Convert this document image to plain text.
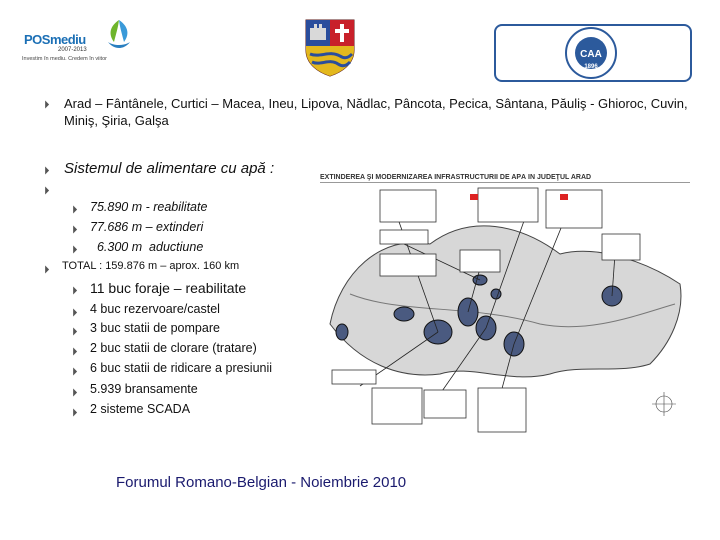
POSmediu
2007-2013
Investim în mediu. Credem în viitor	CAA
1896
⏵ Arad – Fântânele, Curtici – Macea, Ineu, Lipova, Nădlac, Pâncota, Pecica, Sântana, Păuliş - Ghioroc, Cuvin, Miniş, Şiria, Galşa
⏵ Sistemul de alimentare cu apă :
⏵
⏵ 75.890 m - reabilitate
⏵ 77.686 m – extinderi
⏵ 6.300 m  aductiune
⏵ TOTAL : 159.876 m – aprox. 160 km
⏵ 11 buc foraje – reabilitate
⏵ 4 buc rezervoare/castel
⏵ 3 buc statii de pompare
⏵ 2 buc statii de clorare (tratare)
⏵ 6 buc statii de ridicare a presiunii
⏵ 5.939 bransamente
⏵ 2 sisteme SCADA
EXTINDEREA ŞI MODERNIZAREA INFRASTRUCTURII DE APĂ ÎN JUDEŢUL ARAD
Forumul Romano-Belgian - Noiembrie 2010
